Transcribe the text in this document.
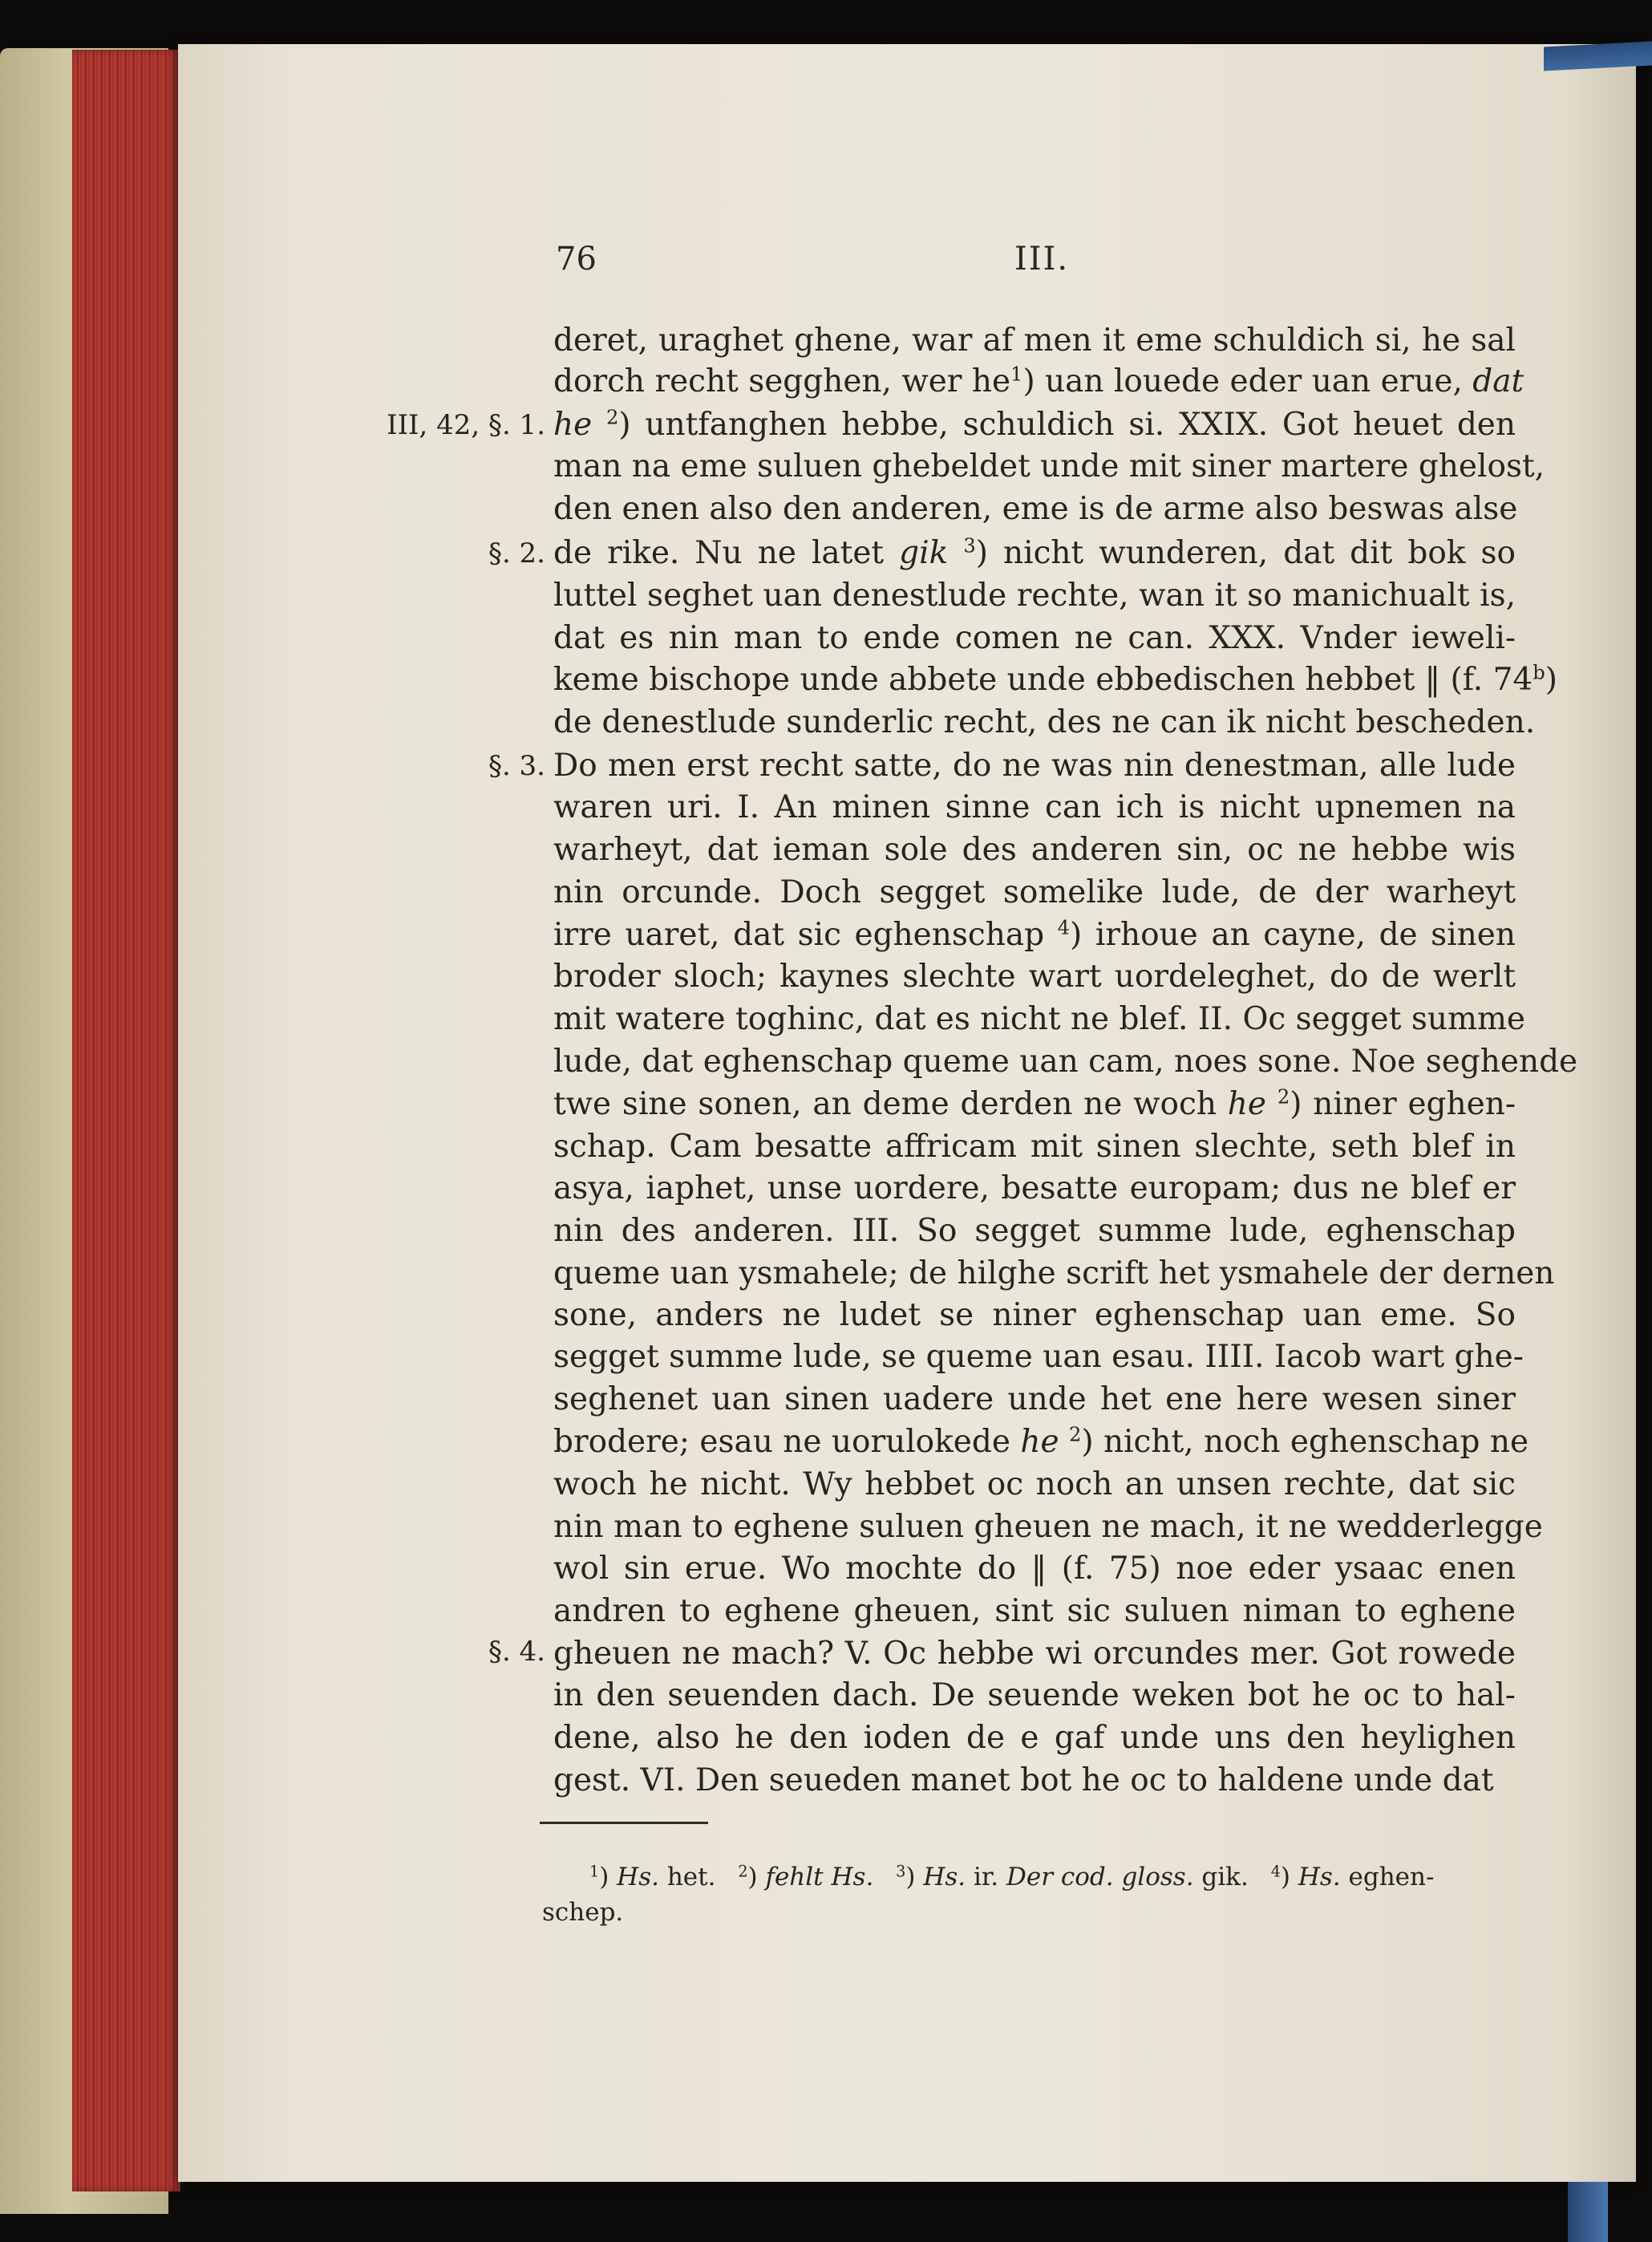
76	III.
III, 42, §. 1.
§. 2.
§. 3.
§. 4.
deret, uraghet ghene, war af men it eme schuldich si, he sal
dorch recht segghen, wer $he^1$) uan louede eder uan erue, dat
he $^2$) untfanghen hebbe, schuldich si. XXIX. Got heuet den
man na eme suluen ghebeldet unde mit siner martere ghelost,
den enen also den anderen, eme is de arme also beswas alse
de rike. Nu ne latet gik $^3$) nicht wunderen, dat dit bok so
luttel seghet uan denestlude rechte, wan it so manichualt is,
dat es nin man to ende comen ne can. XXX. Vnder ieweli-
keme bischope unde abbete unde ebbedischen hebbet ‖ (f. 74$^b$)
de denestlude sunderlic recht, des ne can ik nicht bescheden.
Do men erst recht satte, do ne was nin denestman, alle lude
waren uri. I. An minen sinne can ich is nicht upnemen na
warheyt, dat ieman sole des anderen sin, oc ne hebbe wis
nin orcunde. Doch segget somelike lude, de der warheyt
irre uaret, dat sic eghenschap $^4$) irhoue an cayne, de sinen
broder sloch; kaynes slechte wart uordeleghet, do de werlt
mit watere toghinc, dat es nicht ne blef. II. Oc segget summe
lude, dat eghenschap queme uan cam, noes sone. Noe seghende
twe sine sonen, an deme derden ne woch he $^2$) niner eghen-
schap. Cam besatte affricam mit sinen slechte, seth blef in
asya, iaphet, unse uordere, besatte europam; dus ne blef er
nin des anderen. III. So segget summe lude, eghenschap
queme uan ysmahele; de hilghe scrift het ysmahele der dernen
sone, anders ne ludet se niner eghenschap uan eme. So
segget summe lude, se queme uan esau. IIII. Iacob wart ghe-
seghenet uan sinen uadere unde het ene here wesen siner
brodere; esau ne uorulokede he $^2$) nicht, noch eghenschap ne
woch he nicht. Wy hebbet oc noch an unsen rechte, dat sic
nin man to eghene suluen gheuen ne mach, it ne wedderlegge
wol sin erue. Wo mochte do ‖ (f. 75) noe eder ysaac enen
andren to eghene gheuen, sint sic suluen niman to eghene
gheuen ne mach? V. Oc hebbe wi orcundes mer. Got rowede
in den seuenden dach. De seuende weken bot he oc to hal-
dene, also he den ioden de e gaf unde uns den heylighen
gest. VI. Den seueden manet bot he oc to haldene unde dat
$^1$) Hs. het. $^2$) fehlt Hs. $^3$) Hs. ir. Der cod. gloss. gik. $^4$) Hs. eghen-
schep.
